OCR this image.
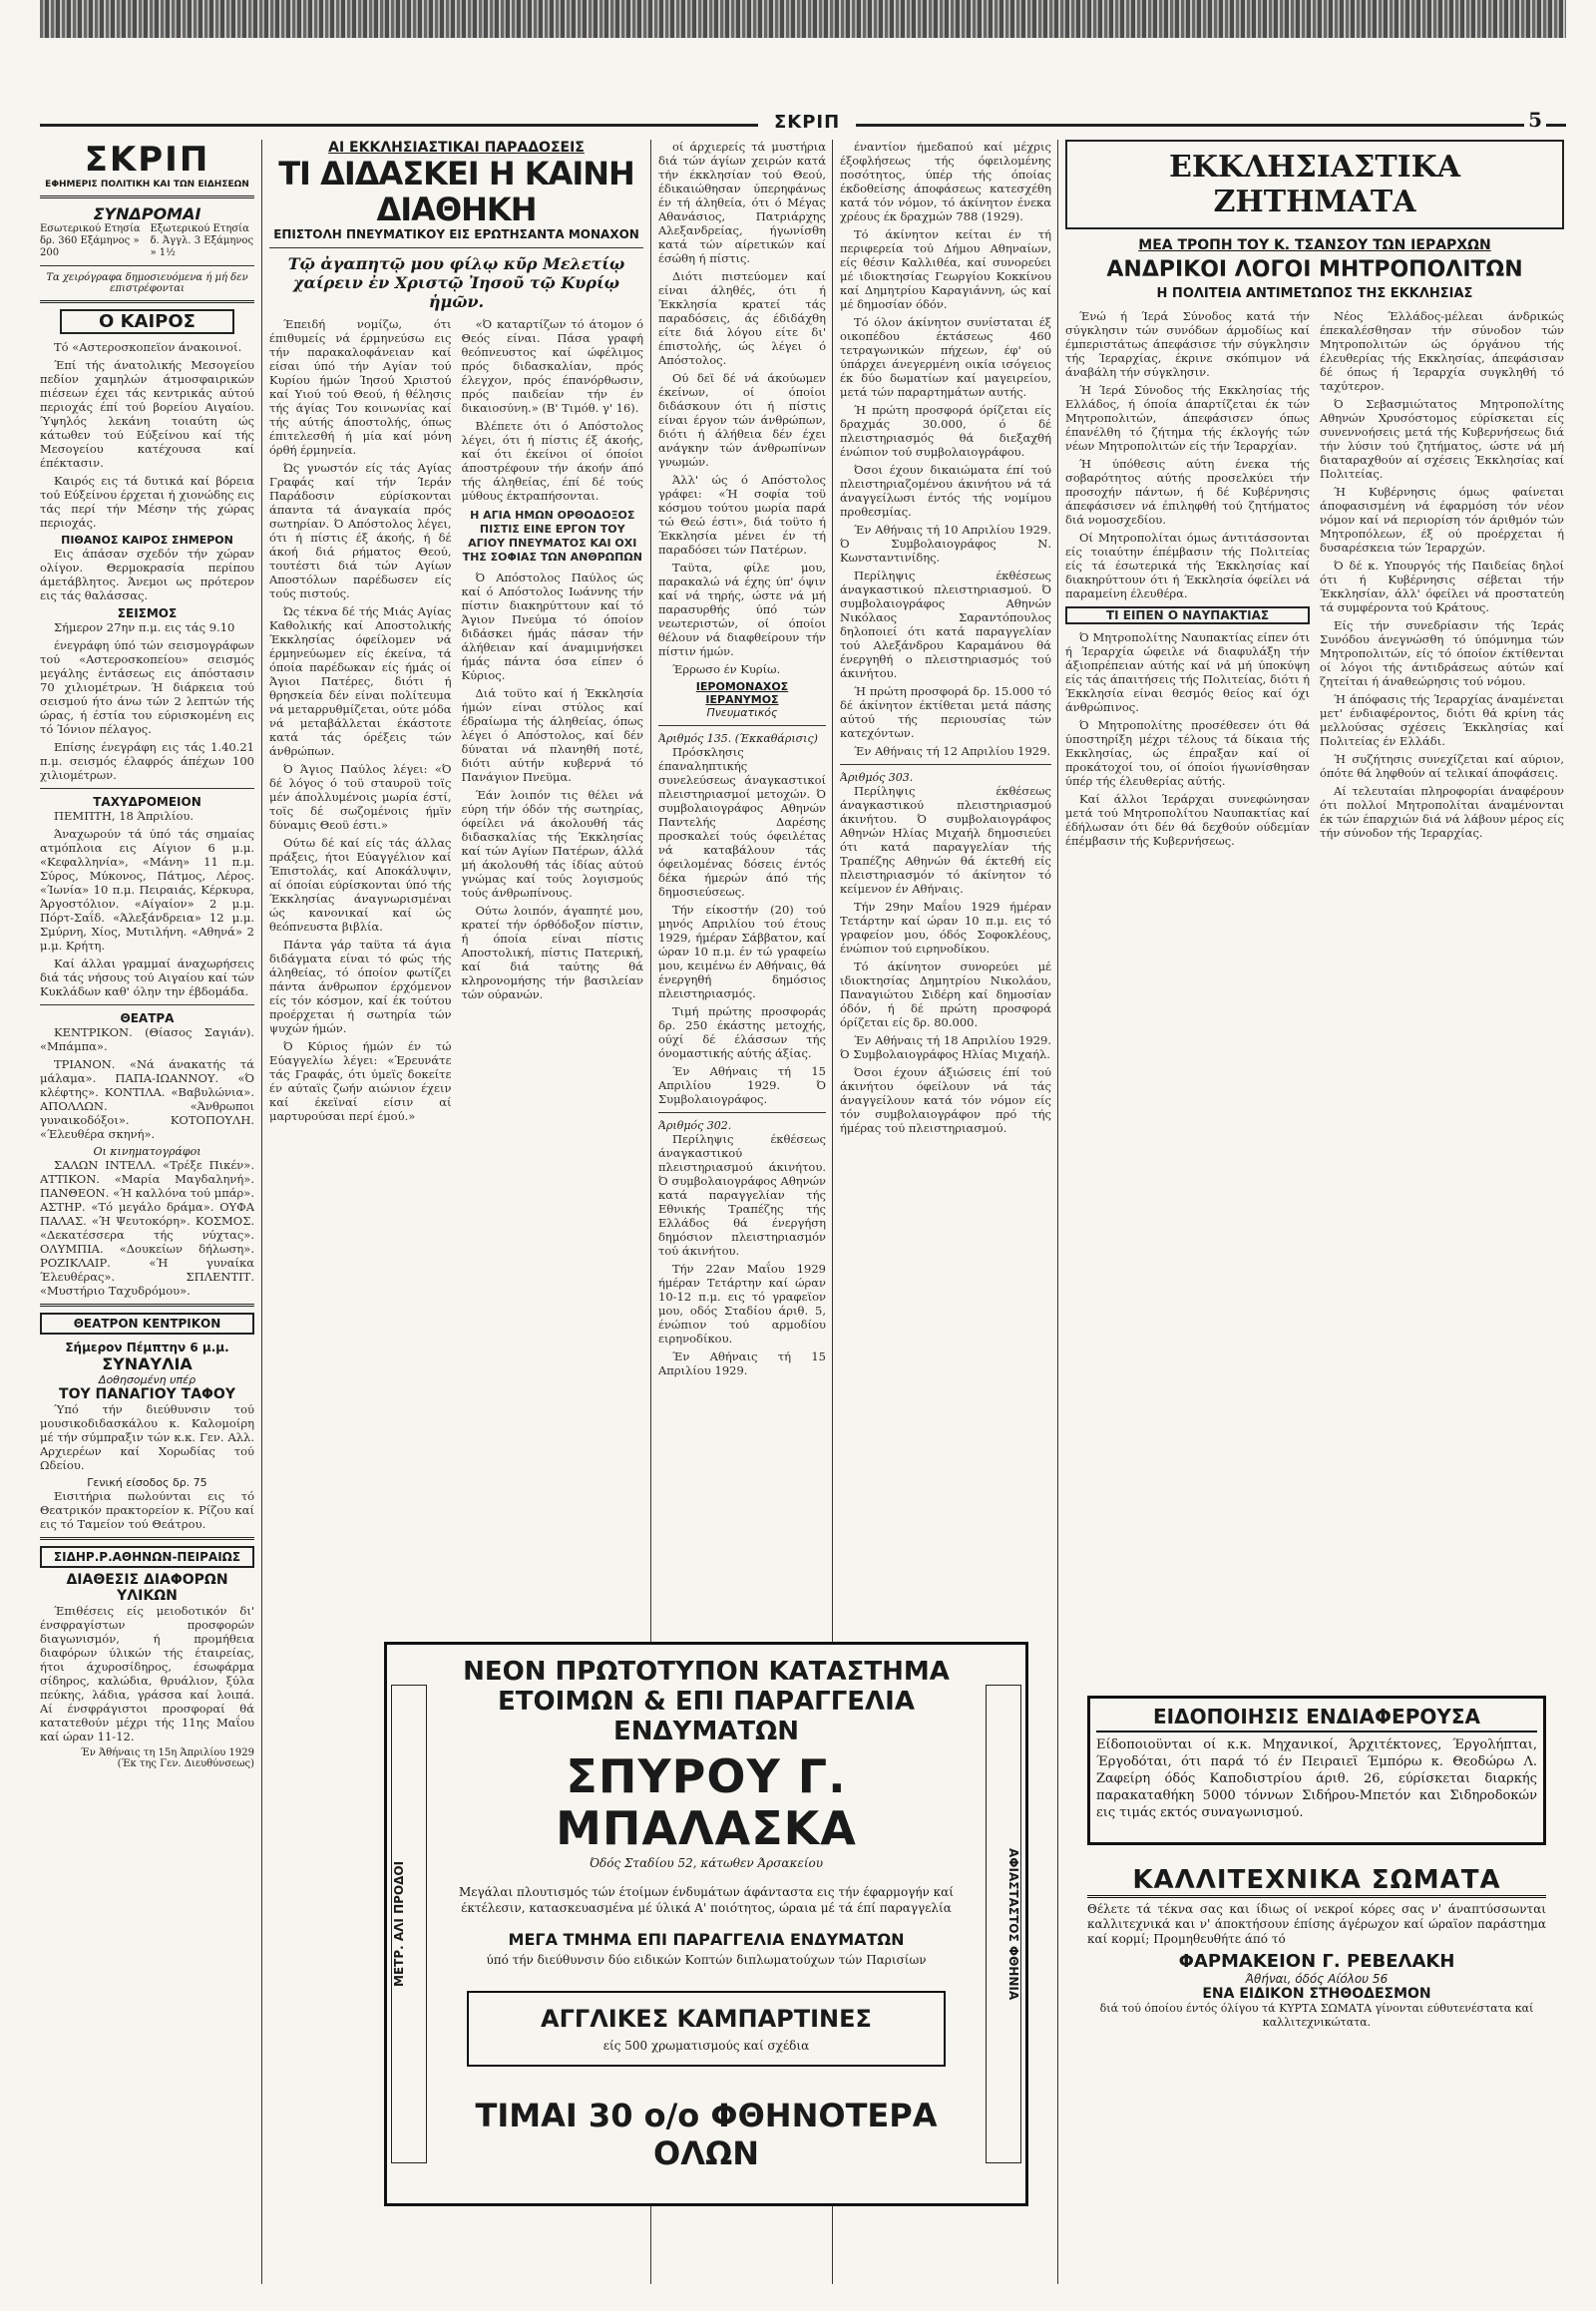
ΣΚΡΙΠ	5
ΣΚΡΙΠ
ΕΦΗΜΕΡΙΣ ΠΟΛΙΤΙΚΗ ΚΑΙ ΤΩΝ ΕΙΔΗΣΕΩΝ
ΣΥΝΔΡΟΜΑΙ
Εσωτερικού Ετησία δρ. 360 Εξάμηνος » 200
Εξωτερικού Ετησία δ. Άγγλ. 3 Εξάμηνος » 1½
Τα χειρόγραφα δημοσιευόμενα ή μή δεν επιστρέφονται
Ο ΚΑΙΡΟΣ

Τό «Αστεροσκοπεϊον άνακοινοί.

Έπί τής άνατολικής Μεσογείου πεδίον χαμηλών άτμοσφαιρικών πιέσεων έχει τάς κεντρικάς αύτού περιοχάς έπί τού βορείου Αιγαίου. Ύψηλός λεκάνη τοιαύτη ώς κάτωθεν τού Εύξείνου καί τής Μεσογείου κατέχουσα καί έπέκτασιν.

Καιρός εις τά δυτικά καί βόρεια τού Εύξείνου έρχεται ή χιονώδης εις τάς περί τήν Μέσην τής χώρας περιοχάς.

ΠΙΘΑΝΟΣ ΚΑΙΡΟΣ ΣΗΜΕΡΟΝ

Εις άπάσαν σχεδόν τήν χώραν ολίγον. Θερμοκρασία περίπου άμετάβλητος. Άνεμοι ως πρότερον εις τάς θαλάσσας.

ΣΕΙΣΜΟΣ

Σήμερον 27ην π.μ. εις τάς 9.10

ένεγράφη ύπό τών σεισμογράφων τού «Αστεροσκοπείου» σεισμός μεγάλης έντάσεως εις άπόστασιν 70 χιλιομέτρων. Ή διάρκεια τού σεισμού ήτο άνω τών 2 λεπτών τής ώρας, ή έστία του εύρισκομένη εις τό Ίόνιον πέλαγος.

Επίσης ένεγράφη εις τάς 1.40.21 π.μ. σεισμός έλαφρός άπέχων 100 χιλιομέτρων.

ΤΑΧΥΔΡΟΜΕΙΟΝ

ΠΕΜΠΤΗ, 18 Άπριλίου.

Άναχωρούν τά ύπό τάς σημαίας ατμόπλοια εις Αίγιον 6 μ.μ. «Κεφαλληνία», «Μάνη» 11 π.μ. Σύρος, Μύκονος, Πάτμος, Λέρος. «Ίωνία» 10 π.μ. Πειραιάς, Κέρκυρα, Άργοστόλιον. «Αίγαίον» 2 μ.μ. Πόρτ-Σαΐδ. «Άλεξάνδρεια» 12 μ.μ. Σμύρνη, Χίος, Μυτιλήνη. «Αθηνά» 2 μ.μ. Κρήτη.

Καί άλλαι γραμμαί άναχωρήσεις διά τάς νήσους τού Αιγαίου καί τών Κυκλάδων καθ' όλην την έβδομάδα.

ΘΕΑΤΡΑ

ΚΕΝΤΡΙΚΟΝ. (Θίασος Σαγιάν). «Μπάμπα».

ΤΡΙΑΝΟΝ. «Νά άνακατής τά μάλαμα». ΠΑΠΑ-ΙΩΑΝΝΟΥ. «Ό κλέφτης». ΚΟΝΤΙΛΑ. «Βαβυλώνια». ΑΠΟΛΛΩΝ. «Άνθρωποι γυναικοδόξοι». ΚΟΤΟΠΟΥΛΗ. «Έλευθέρα σκηνή».

Οι κινηματογράφοι

ΣΑΛΩΝ ΙΝΤΕΛΛ. «Τρέξε Πικέν». ΑΤΤΙΚΟΝ. «Μαρία Μαγδαληνή». ΠΑΝΘΕΟΝ. «Ή καλλόνα τού μπάρ». ΑΣΤΗΡ. «Τό μεγάλο δράμα». ΟΥΦΑ ΠΑΛΑΣ. «Ή Ψευτοκόρη». ΚΟΣΜΟΣ. «Δεκατέσσερα τής νύχτας». ΟΛΥΜΠΙΑ. «Δουκείων δήλωση». ΡΟΖΙΚΛΑΙΡ. «Ή γυναίκα Έλευθέρας». ΣΠΛΕΝΤΙΤ. «Μυστήριο Ταχυδρόμου».

ΘΕΑΤΡΟΝ ΚΕΝΤΡΙΚΟΝ
Σήμερον Πέμπτην 6 μ.μ.
ΣΥΝΑΥΛΙΑ
Δοθησομένη υπέρ
ΤΟΥ ΠΑΝΑΓΙΟΥ ΤΑΦΟΥ

Ύπό τήν διεύθυνσιν τού μουσικοδιδασκάλου κ. Καλομοίρη μέ τήν σύμπραξιν τών κ.κ. Γεν. Αλλ. Αρχιερέων καί Χορωδίας τού Ωδείου.

Γενική είσοδος δρ. 75

Εισιτήρια πωλούνται εις τό Θεατρικόν πρακτορείον κ. Ρίζου καί εις τό Ταμείον τού Θεάτρου.

ΣΙΔΗΡ.Ρ.ΑΘΗΝΩΝ-ΠΕΙΡΑΙΩΣ
ΔΙΑΘΕΣΙΣ ΔΙΑΦΟΡΩΝ ΥΛΙΚΩΝ

Έπιθέσεις είς μειοδοτικόν δι' ένσφραγίστων προσφορών διαγωνισμόν, ή προμήθεια διαφόρων ύλικών τής έταιρείας, ήτοι άχυροσίδηρος, έσωφάρμα σίδηρος, καλώδια, θρυάλιον, ξύλα πεύκης, λάδια, γράσσα καί λοιπά. Αί ένσφράγιστοι προσφοραί θά κατατεθούν μέχρι τής 11ης Μαΐου καί ώραν 11-12.

Έν Άθήναις τη 15η Άπριλίου 1929
(Έκ της Γεν. Διευθύνσεως)
ΑΙ ΕΚΚΛΗΣΙΑΣΤΙΚΑΙ ΠΑΡΑΔΟΣΕΙΣ
ΤΙ ΔΙΔΑΣΚΕΙ Η ΚΑΙΝΗ ΔΙΑΘΗΚΗ
ΕΠΙΣΤΟΛΗ ΠΝΕΥΜΑΤΙΚΟΥ ΕΙΣ ΕΡΩΤΗΣΑΝΤΑ ΜΟΝΑΧΟΝ
Τῷ ἀγαπητῷ μου φίλῳ κῦρ Μελετίῳ χαίρειν ἐν Χριστῷ Ἰησοῦ τῷ Κυρίῳ ἡμῶν.

Έπειδή νομίζω, ότι έπιθυμείς νά έρμηνεύσω εις τήν παρακαλοφάνειαν καί είσαι ύπό τήν Αγίαν τού Κυρίου ήμών Ίησού Χριστού καί Υιού τού Θεού, ή θέλησις τής άγίας Του κοινωνίας καί τής αύτής άποστολής, όπως έπιτελεσθή ή μία καί μόνη όρθή έρμηνεία.

Ώς γνωστόν είς τάς Αγίας Γραφάς καί τήν Ίεράν Παράδοσιν εύρίσκονται άπαντα τά άναγκαία πρός σωτηρίαν. Ό Απόστολος λέγει, ότι ή πίστις έξ άκοής, ή δέ άκοή διά ρήματος Θεού, τουτέστι διά τών Αγίων Αποστόλων παρέδωσεν είς τούς πιστούς.

Ώς τέκνα δέ τής Μιάς Αγίας Καθολικής καί Αποστολικής Έκκλησίας όφείλομεν νά έρμηνεύωμεν είς έκείνα, τά όποία παρέδωκαν είς ήμάς οί Άγιοι Πατέρες, διότι ή θρησκεία δέν είναι πολίτευμα νά μεταρρυθμίζεται, ούτε μόδα νά μεταβάλλεται έκάστοτε κατά τάς όρέξεις τών άνθρώπων.

Ό Άγιος Παύλος λέγει: «Ό δέ λόγος ό τοϋ σταυροϋ τοϊς μέν άπολλυμένοις μωρία έστί, τοϊς δέ σωζομένοις ήμϊν δύναμις Θεοϋ έστι.»

Ούτω δέ καί είς τάς άλλας πράξεις, ήτοι Εύαγγέλιον καί Έπιστολάς, καί Αποκάλυψιν, αί όποίαι εύρίσκονται ύπό τής Έκκλησίας άναγνωρισμέναι ώς κανονικαί καί ώς θεόπνευστα βιβλία.

Πάντα γάρ ταϋτα τά άγια διδάγματα είναι τό φώς τής άληθείας, τό όποίον φωτίζει πάντα άνθρωπον έρχόμενον είς τόν κόσμον, καί έκ τούτου προέρχεται ή σωτηρία τών ψυχών ήμών.

Ό Κύριος ήμών έν τώ Εύαγγελίω λέγει: «Έρευνάτε τάς Γραφάς, ότι ύμεϊς δοκείτε έν αύταϊς ζωήν αιώνιον έχειν καί έκεϊναί είσιν αί μαρτυρούσαι περί έμού.»

«Ό καταρτίζων τό άτομον ό Θεός είναι. Πάσα γραφή θεόπνευστος καί ώφέλιμος πρός διδασκαλίαν, πρός έλεγχον, πρός έπανόρθωσιν, πρός παιδείαν τήν έν δικαιοσύνη.» (Β' Τιμόθ. γ' 16).

Βλέπετε ότι ό Απόστολος λέγει, ότι ή πίστις έξ άκοής, καί ότι έκείνοι οί όποίοι άποστρέφουν τήν άκοήν άπό τής άληθείας, έπί δέ τούς μύθους έκτραπήσονται.

Η ΑΓΙΑ ΗΜΩΝ ΟΡΘΟΔΟΞΟΣ ΠΙΣΤΙΣ ΕΙΝΕ ΕΡΓΟΝ ΤΟΥ ΑΓΙΟΥ ΠΝΕΥΜΑΤΟΣ ΚΑΙ ΟΧΙ ΤΗΣ ΣΟΦΙΑΣ ΤΩΝ ΑΝΘΡΩΠΩΝ

Ό Απόστολος Παύλος ώς καί ό Απόστολος Ιωάννης τήν πίστιν διακηρύττουν καί τό Άγιον Πνεύμα τό όποίον διδάσκει ήμάς πάσαν τήν άλήθειαν καί άναμιμνήσκει ήμάς πάντα όσα είπεν ό Κύριος.

Διά τοϋτο καί ή Έκκλησία ήμών είναι στύλος καί έδραίωμα τής άληθείας, όπως λέγει ό Απόστολος, καί δέν δύναται νά πλανηθή ποτέ, διότι αύτήν κυβερνά τό Πανάγιον Πνεϋμα.

Έάν λοιπόν τις θέλει νά εύρη τήν όδόν τής σωτηρίας, όφείλει νά άκολουθή τάς διδασκαλίας τής Έκκλησίας καί τών Αγίων Πατέρων, άλλά μή άκολουθή τάς ίδίας αύτού γνώμας καί τούς λογισμούς τούς άνθρωπίνους.

Ούτω λοιπόν, άγαπητέ μου, κρατεί τήν όρθόδοξον πίστιν, ή όποία είναι πίστις Αποστολική, πίστις Πατερική, καί διά ταύτης θά κληρονομήσης τήν βασιλείαν τών ούρανών.

οί άρχιερείς τά μυστήρια διά τών άγίων χειρών κατά τήν έκκλησίαν τού Θεού, έδικαιώθησαν ύπερηφάνως έν τή άληθεία, ότι ό Μέγας Αθανάσιος, Πατριάρχης Αλεξανδρείας, ήγωνίσθη κατά τών αίρετικών καί έσώθη ή πίστις.

Διότι πιστεύομεν καί είναι άληθές, ότι ή Έκκλησία κρατεί τάς παραδόσεις, άς έδιδάχθη είτε διά λόγου είτε δι' έπιστολής, ώς λέγει ό Απόστολος.

Ού δεϊ δέ νά άκούωμεν έκείνων, οί όποίοι διδάσκουν ότι ή πίστις είναι έργον τών άνθρώπων, διότι ή άλήθεια δέν έχει ανάγκην τών άνθρωπίνων γνωμών.

Άλλ' ώς ό Απόστολος γράφει: «Ή σοφία τοϋ κόσμου τούτου μωρία παρά τώ Θεώ έστι», διά τοϋτο ή Έκκλησία μένει έν τή παραδόσει τών Πατέρων.

Ταϋτα, φίλε μου, παρακαλώ νά έχης ύπ' όψιν καί νά τηρής, ώστε νά μή παρασυρθής ύπό τών νεωτεριστών, οί όποίοι θέλουν νά διαφθείρουν τήν πίστιν ήμών.

Έρρωσο έν Κυρίω.

ΙΕΡΟΜΟΝΑΧΟΣ ΙΕΡΑΝΥΜΟΣ
Πνευματικός
Άριθμός 135. (Έκκαθάρισις)

Πρόσκλησις έπαναληπτικής συνελεύσεως άναγκαστικοί πλειστηριασμοί μετοχών. Ό συμβολαιογράφος Αθηνών Παντελής Δαρέσης προσκαλεί τούς όφειλέτας νά καταβάλουν τάς όφειλομένας δόσεις έντός δέκα ήμερών άπό τής δημοσιεύσεως.

Τήν είκοστήν (20) τού μηνός Απριλίου τού έτους 1929, ήμέραν Σάββατον, καί ώραν 10 π.μ. έν τώ γραφείω μου, κειμένω έν Αθήναις, θά ένεργηθή δημόσιος πλειστηριασμός.

Τιμή πρώτης προσφοράς δρ. 250 έκάστης μετοχής, ούχί δέ έλάσσων τής όνομαστικής αύτής άξίας.

Έν Αθήναις τή 15 Απριλίου 1929. Ό Συμβολαιογράφος.

Άριθμός 302.

Περίληψις έκθέσεως άναγκαστικού πλειστηριασμού άκινήτου. Ό συμβολαιογράφος Αθηνών κατά παραγγελίαν τής Εθνικής Τραπέζης τής Ελλάδος θά ένεργήση δημόσιον πλειστηριασμόν τού άκινήτου.

Τήν 22αν Μαΐου 1929 ήμέραν Τετάρτην καί ώραν 10-12 π.μ. εις τό γραφεϊον μου, οδός Σταδίου άριθ. 5, ένώπιον τού αρμοδίου ειρηνοδίκου.

Έν Αθήναις τή 15 Απριλίου 1929.

έναντίον ήμεδαπού καί μέχρις έξοφλήσεως τής όφειλομένης ποσότητος, ύπέρ τής όποίας έκδοθείσης άποφάσεως κατεσχέθη κατά τόν νόμον, τό άκίνητον ένεκα χρέους έκ δραχμών 788 (1929).

Τό άκίνητον κείται έν τή περιφερεία τού Δήμου Αθηναίων, είς θέσιν Καλλιθέα, καί συνορεύει μέ ιδιοκτησίας Γεωργίου Κοκκίνου καί Δημητρίου Καραγιάννη, ώς καί μέ δημοσίαν όδόν.

Τό όλον άκίνητον συνίσταται έξ οικοπέδου έκτάσεως 460 τετραγωνικών πήχεων, έφ' ού ύπάρχει άνεγερμένη οικία ισόγειος έκ δύο δωματίων καί μαγειρείου, μετά τών παραρτημάτων αυτής.

Ή πρώτη προσφορά όρίζεται είς δραχμάς 30.000, ό δέ πλειστηριασμός θά διεξαχθή ένώπιον τού συμβολαιογράφου.

Όσοι έχουν δικαιώματα έπί τού πλειστηριαζομένου άκινήτου νά τά άναγγείλωσι έντός τής νομίμου προθεσμίας.

Έν Αθήναις τή 10 Απριλίου 1929. Ό Συμβολαιογράφος Ν. Κωνσταντινίδης.

Περίληψις έκθέσεως άναγκαστικού πλειστηριασμού. Ό συμβολαιογράφος Αθηνών Νικόλαος Σαραντόπουλος δηλοποιεί ότι κατά παραγγελίαν τού Αλεξάνδρου Καραμάνου θά ένεργηθή ο πλειστηριασμός τού άκινήτου.

Ή πρώτη προσφορά δρ. 15.000 τό δέ άκίνητον έκτίθεται μετά πάσης αύτού τής περιουσίας τών κατεχόντων.

Έν Αθήναις τή 12 Απριλίου 1929.

Άριθμός 303.

Περίληψις έκθέσεως άναγκαστικού πλειστηριασμού άκινήτου. Ό συμβολαιογράφος Αθηνών Ηλίας Μιχαήλ δημοσιεύει ότι κατά παραγγελίαν τής Τραπέζης Αθηνών θά έκτεθή είς πλειστηριασμόν τό άκίνητον τό κείμενον έν Αθήναις.

Τήν 29ην Μαΐου 1929 ήμέραν Τετάρτην καί ώραν 10 π.μ. εις τό γραφείον μου, όδός Σοφοκλέους, ένώπιον τού ειρηνοδίκου.

Τό άκίνητον συνορεύει μέ ιδιοκτησίας Δημητρίου Νικολάου, Παναγιώτου Σιδέρη καί δημοσίαν όδόν, ή δέ πρώτη προσφορά όρίζεται είς δρ. 80.000.

Έν Αθήναις τή 18 Απριλίου 1929. Ό Συμβολαιογράφος Ηλίας Μιχαήλ.

Όσοι έχουν άξιώσεις έπί τού άκινήτου όφείλουν νά τάς άναγγείλουν κατά τόν νόμον είς τόν συμβολαιογράφον πρό τής ήμέρας τού πλειστηριασμού.

ΕΚΚΛΗΣΙΑΣΤΙΚΑ ΖΗΤΗΜΑΤΑ
ΜΕΑ ΤΡΟΠΗ ΤΟΥ Κ. ΤΣΑΝΣΟΥ ΤΩΝ ΙΕΡΑΡΧΩΝ
ΑΝΔΡΙΚΟΙ ΛΟΓΟΙ ΜΗΤΡΟΠΟΛΙΤΩΝ
Η ΠΟΛΙΤΕΙΑ ΑΝΤΙΜΕΤΩΠΟΣ ΤΗΣ ΕΚΚΛΗΣΙΑΣ

Ένώ ή Ίερά Σύνοδος κατά τήν σύγκλησιν τών συνόδων άρμοδίως καί έμπεριστάτως άπεφάσισε τήν σύγκλησιν τής Ίεραρχίας, έκρινε σκόπιμον νά άναβάλη τήν σύγκλησιν.

Ή Ίερά Σύνοδος τής Εκκλησίας τής Ελλάδος, ή όποία άπαρτίζεται έκ τών Μητροπολιτών, άπεφάσισεν όπως έπανέλθη τό ζήτημα τής έκλογής τών νέων Μητροπολιτών είς τήν Ίεραρχίαν.

Ή ύπόθεσις αύτη ένεκα τής σοβαρότητος αύτής προσελκύει τήν προσοχήν πάντων, ή δέ Κυβέρνησις άπεφάσισεν νά έπιληφθή τού ζητήματος διά νομοσχεδίου.

Οί Μητροπολίται όμως άντιτάσσονται είς τοιαύτην έπέμβασιν τής Πολιτείας είς τά έσωτερικά τής Έκκλησίας καί διακηρύττουν ότι ή Έκκλησία όφείλει νά παραμείνη έλευθέρα.

ΤΙ ΕΙΠΕΝ Ο ΝΑΥΠΑΚΤΙΑΣ

Ό Μητροπολίτης Ναυπακτίας είπεν ότι ή Ίεραρχία ώφειλε νά διαφυλάξη τήν άξιοπρέπειαν αύτής καί νά μή ύποκύψη είς τάς άπαιτήσεις τής Πολιτείας, διότι ή Έκκλησία είναι θεσμός θείος καί όχι άνθρώπινος.

Ό Μητροπολίτης προσέθεσεν ότι θά ύποστηρίξη μέχρι τέλους τά δίκαια τής Εκκλησίας, ώς έπραξαν καί οί προκάτοχοί του, οί όποίοι ήγωνίσθησαν ύπέρ τής έλευθερίας αύτής.

Καί άλλοι Ίεράρχαι συνεφώνησαν μετά τού Μητροπολίτου Ναυπακτίας καί έδήλωσαν ότι δέν θά δεχθούν ούδεμίαν έπέμβασιν τής Κυβερνήσεως.

Νέος Έλλάδος-μέλεαι άνδρικώς έπεκαλέσθησαν τήν σύνοδον τών Μητροπολιτών ώς όργάνου τής έλευθερίας τής Εκκλησίας, άπεφάσισαν δέ όπως ή Ίεραρχία συγκληθή τό ταχύτερον.

Ό Σεβασμιώτατος Μητροπολίτης Αθηνών Χρυσόστομος εύρίσκεται είς συνεννοήσεις μετά τής Κυβερνήσεως διά τήν λύσιν τού ζητήματος, ώστε νά μή διαταραχθούν αί σχέσεις Έκκλησίας καί Πολιτείας.

Ή Κυβέρνησις όμως φαίνεται άποφασισμένη νά έφαρμόση τόν νέον νόμον καί νά περιορίση τόν άριθμόν τών Μητροπόλεων, έξ ού προέρχεται ή δυσαρέσκεια τών Ίεραρχών.

Ό δέ κ. Υπουργός τής Παιδείας δηλοί ότι ή Κυβέρνησις σέβεται τήν Έκκλησίαν, άλλ' όφείλει νά προστατεύη τά συμφέροντα τού Κράτους.

Είς τήν συνεδρίασιν τής Ίεράς Συνόδου άνεγνώσθη τό ύπόμνημα τών Μητροπολιτών, είς τό όποίον έκτίθενται οί λόγοι τής άντιδράσεως αύτών καί ζητείται ή άναθεώρησις τού νόμου.

Ή άπόφασις τής Ίεραρχίας άναμένεται μετ' ένδιαφέροντος, διότι θά κρίνη τάς μελλούσας σχέσεις Έκκλησίας καί Πολιτείας έν Ελλάδι.

Ή συζήτησις συνεχίζεται καί αύριον, όπότε θά ληφθούν αί τελικαί άποφάσεις.

Αί τελευταίαι πληροφορίαι άναφέρουν ότι πολλοί Μητροπολίται άναμένονται έκ τών έπαρχιών διά νά λάβουν μέρος είς τήν σύνοδον τής Ίεραρχίας.

ΕΙΔΟΠΟΙΗΣΙΣ ΕΝΔΙΑΦΕΡΟΥΣΑ
Είδοποιοϋνται οί κ.κ. Μηχανικοί, Άρχιτέκτονες, Έργολήπται, Έργοδόται, ότι παρά τό έν Πειραιεϊ Έμπόρω κ. Θεοδώρω Λ. Ζαφείρη όδός Καποδιστρίου άριθ. 26, εύρίσκεται διαρκής παρακαταθήκη 5000 τόννων Σιδήρου-Μπετόν και Σιδηροδοκών εις τιμάς εκτός συναγωνισμού.
ΚΑΛΛΙΤΕΧΝΙΚΑ ΣΩΜΑΤΑ
Θέλετε τά τέκνα σας και ίδιως οί νεκροί κόρες σας ν' άναπτύσσωνται καλλιτεχνικά και ν' άποκτήσουν έπίσης άγέρωχον καί ώραϊον παράστημα καί κορμί; Προμηθευθήτε άπό τό
ΦΑΡΜΑΚΕΙΟΝ Γ. ΡΕΒΕΛΑΚΗ
Άθήναι, όδός Αίόλου 56
ΕΝΑ ΕΙΔΙΚΟΝ ΣΤΗΘΟΔΕΣΜΟΝ
διά τού όποίου έντός όλίγου τά ΚΥΡΤΑ ΣΩΜΑΤΑ γίνονται εύθυτενέστατα καί καλλιτεχνικώτατα.
ΜΕΤΡ. ΑΛΙ ΠΡΟΔΟΙ	ΑΦΙΑΣΤΑΣΤΟΣ ΦΘΗΝΙΑ
ΝΕΟΝ ΠΡΩΤΟΤΥΠΟΝ ΚΑΤΑΣΤΗΜΑ
ΕΤΟΙΜΩΝ & ΕΠΙ ΠΑΡΑΓΓΕΛΙΑ ΕΝΔΥΜΑΤΩΝ
ΣΠΥΡΟΥ Γ. ΜΠΑΛΑΣΚΑ
Όδός Σταδίου 52, κάτωθεν Άρσακείου
Μεγάλαι πλουτισμός τών έτοίμων ένδυμάτων άφάνταστα εις τήν έφαρμογήν καί έκτέλεσιν, κατασκευασμένα μέ ύλικά Α' ποιότητος, ώραια μέ τά έπί παραγγελία
ΜΕΓΑ ΤΜΗΜΑ ΕΠΙ ΠΑΡΑΓΓΕΛΙΑ ΕΝΔΥΜΑΤΩΝ
ύπό τήν διεύθυνσιν δύο ειδικών Κοπτών διπλωματούχων τών Παρισίων
ΑΓΓΛΙΚΕΣ ΚΑΜΠΑΡΤΙΝΕΣ
είς 500 χρωματισμούς καί σχέδια
ΤΙΜΑΙ 30 ο/ο ΦΘΗΝΟΤΕΡΑ ΟΛΩΝ
